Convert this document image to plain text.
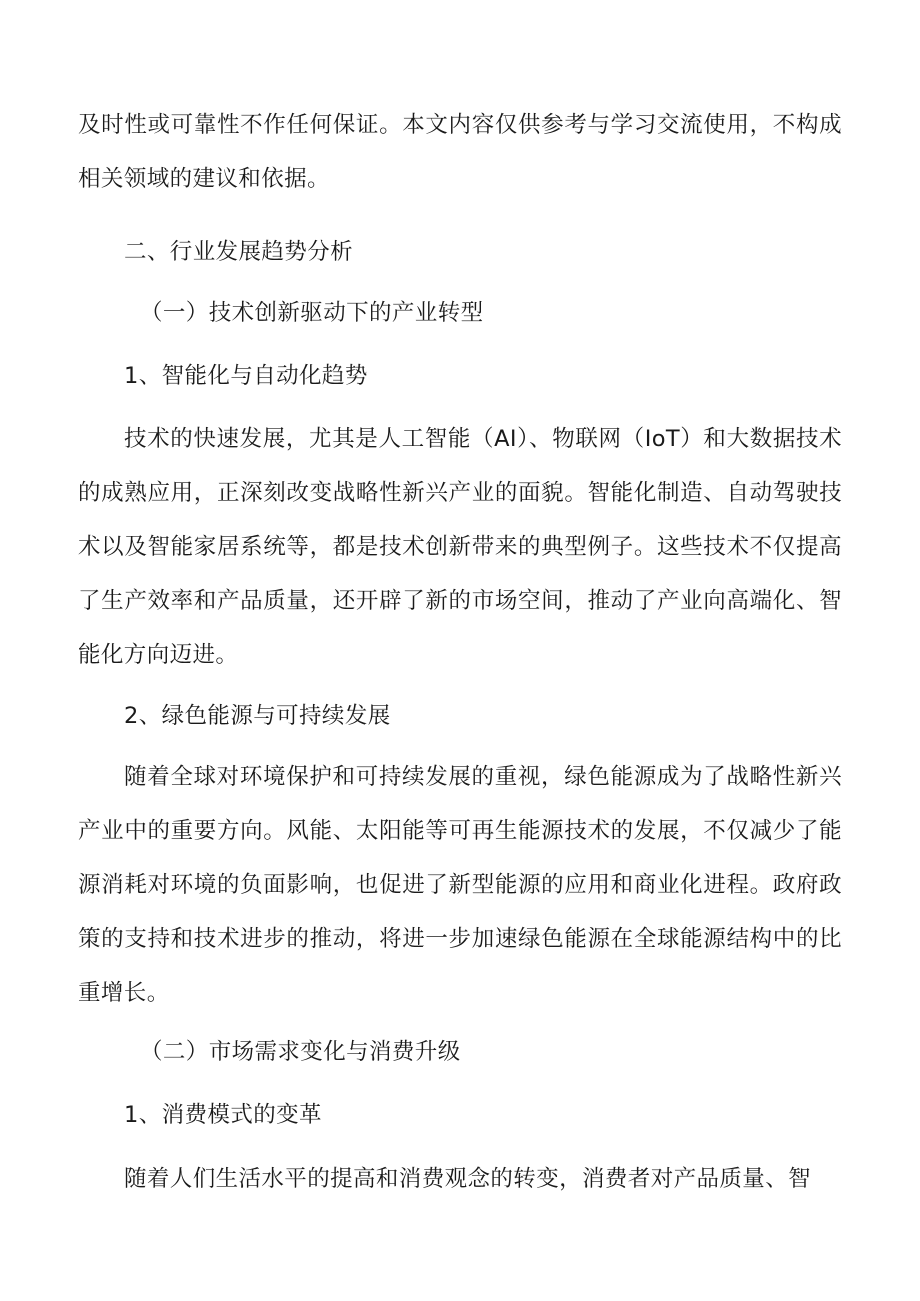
及时性或可靠性不作任何保证。本文内容仅供参考与学习交流使用，不构成相关领域的建议和依据。

二、行业发展趋势分析

（一）技术创新驱动下的产业转型

1、智能化与自动化趋势

技术的快速发展，尤其是人工智能（AI）、物联网（IoT）和大数据技术的成熟应用，正深刻改变战略性新兴产业的面貌。智能化制造、自动驾驶技术以及智能家居系统等，都是技术创新带来的典型例子。这些技术不仅提高了生产效率和产品质量，还开辟了新的市场空间，推动了产业向高端化、智能化方向迈进。

2、绿色能源与可持续发展

随着全球对环境保护和可持续发展的重视，绿色能源成为了战略性新兴产业中的重要方向。风能、太阳能等可再生能源技术的发展，不仅减少了能源消耗对环境的负面影响，也促进了新型能源的应用和商业化进程。政府政策的支持和技术进步的推动，将进一步加速绿色能源在全球能源结构中的比重增长。

（二）市场需求变化与消费升级

1、消费模式的变革

随着人们生活水平的提高和消费观念的转变，消费者对产品质量、智
